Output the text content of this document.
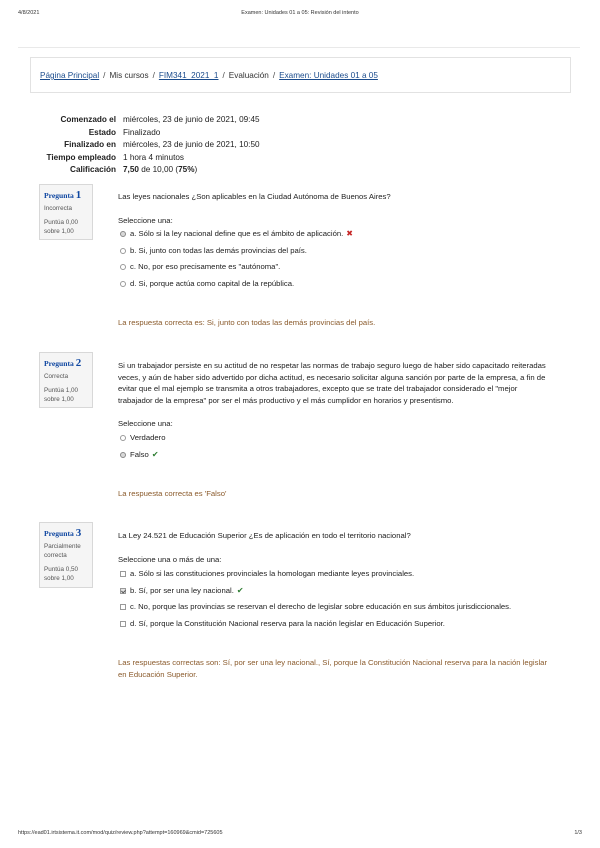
4/8/2021	Examen: Unidades 01 a 05: Revisión del intento
Página Principal / Mis cursos / FIM341_2021_1 / Evaluación / Examen: Unidades 01 a 05
Comenzado el miércoles, 23 de junio de 2021, 09:45
Estado Finalizado
Finalizado en miércoles, 23 de junio de 2021, 10:50
Tiempo empleado 1 hora 4 minutos
Calificación 7,50 de 10,00 (75%)
Pregunta 1
Incorrecta
Puntúa 0,00 sobre 1,00
Las leyes nacionales ¿Son aplicables en la Ciudad Autónoma de Buenos Aires?
Seleccione una:
a. Sólo si la ley nacional define que es el ámbito de aplicación. ✖
b. Si, junto con todas las demás provincias del país.
c. No, por eso precisamente es "autónoma".
d. Si, porque actúa como capital de la república.
La respuesta correcta es: Si, junto con todas las demás provincias del país.
Pregunta 2
Correcta
Puntúa 1,00 sobre 1,00
Si un trabajador persiste en su actitud de no respetar las normas de trabajo seguro luego de haber sido capacitado reiteradas veces, y aún de haber sido advertido por dicha actitud, es necesario solicitar alguna sanción por parte de la empresa, a fin de evitar que el mal ejemplo se transmita a otros trabajadores, excepto que se trate del trabajador considerado el "mejor trabajador de la empresa" por ser el más productivo y el más cumplidor en horarios y presentismo.
Seleccione una:
Verdadero
Falso ✔
La respuesta correcta es 'Falso'
Pregunta 3
Parcialmente correcta
Puntúa 0,50 sobre 1,00
La Ley 24.521 de Educación Superior ¿Es de aplicación en todo el territorio nacional?
Seleccione una o más de una:
a. Sólo si las constituciones provinciales la homologan mediante leyes provinciales.
b. Sí, por ser una ley nacional. ✔
c. No, porque las provincias se reservan el derecho de legislar sobre educación en sus ámbitos jurisdiccionales.
d. Sí, porque la Constitución Nacional reserva para la nación legislar en Educación Superior.
Las respuestas correctas son: Sí, por ser una ley nacional., Sí, porque la Constitución Nacional reserva para la nación legislar en Educación Superior.
https://ead01.irtsistema.it.com/mod/quiz/review.php?attempt=160969&cmid=725605	1/3
